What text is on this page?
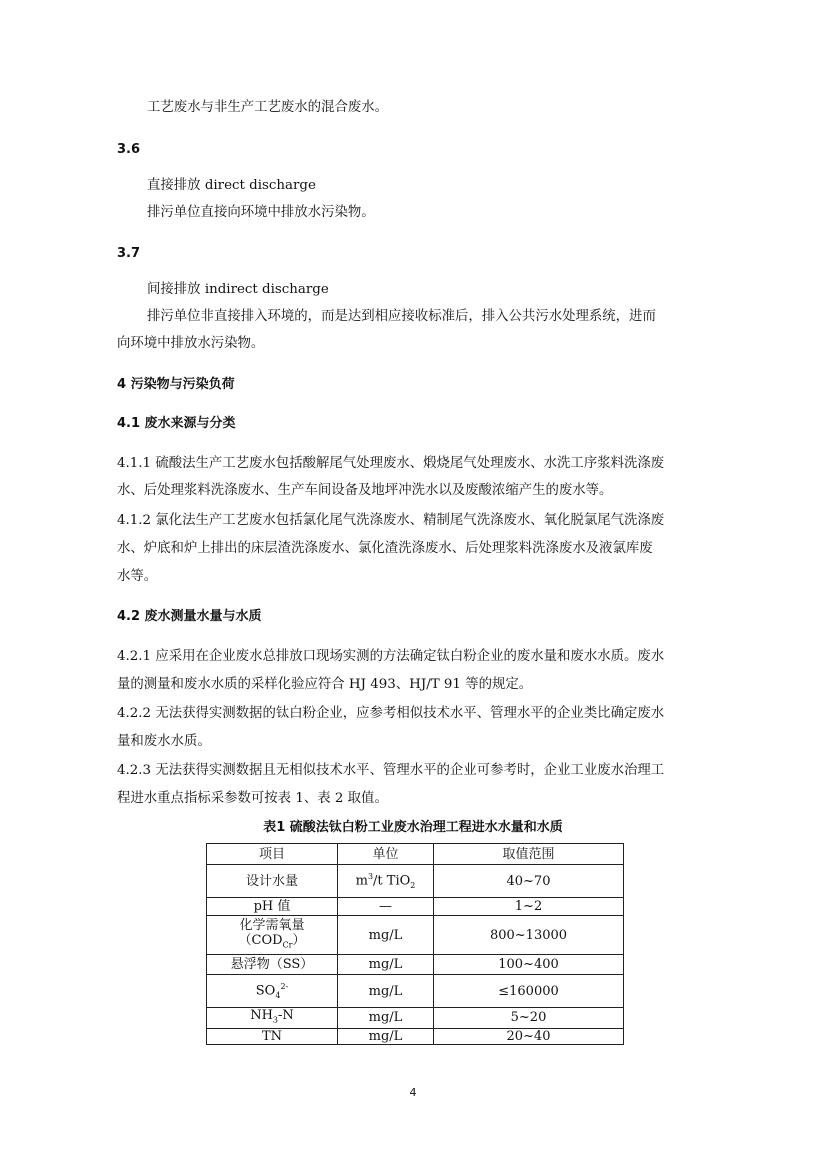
工艺废水与非生产工艺废水的混合废水。
3.6
直接排放 direct discharge
排污单位直接向环境中排放水污染物。
3.7
间接排放 indirect discharge
排污单位非直接排入环境的，而是达到相应接收标准后，排入公共污水处理系统，进而
向环境中排放水污染物。
4 污染物与污染负荷
4.1 废水来源与分类
4.1.1 硫酸法生产工艺废水包括酸解尾气处理废水、煅烧尾气处理废水、水洗工序浆料洗涤废
水、后处理浆料洗涤废水、生产车间设备及地坪冲洗水以及废酸浓缩产生的废水等。
4.1.2 氯化法生产工艺废水包括氯化尾气洗涤废水、精制尾气洗涤废水、氧化脱氯尾气洗涤废
水、炉底和炉上排出的床层渣洗涤废水、氯化渣洗涤废水、后处理浆料洗涤废水及液氯库废
水等。
4.2 废水测量水量与水质
4.2.1 应采用在企业废水总排放口现场实测的方法确定钛白粉企业的废水量和废水水质。废水
量的测量和废水水质的采样化验应符合 HJ 493、HJ/T 91 等的规定。
4.2.2 无法获得实测数据的钛白粉企业，应参考相似技术水平、管理水平的企业类比确定废水
量和废水水质。
4.2.3 无法获得实测数据且无相似技术水平、管理水平的企业可参考时，企业工业废水治理工
程进水重点指标采参数可按表 1、表 2 取值。
表1 硫酸法钛白粉工业废水治理工程进水水量和水质
项目	单位	取值范围
设计水量	$m^3/t$ TiO$_2$	40~70
pH 值	—	1~2

化学需氧量
$(COD_{Cr})$	mg/L	800~13000
悬浮物（SS）	mg/L	100~400
$SO_4^{2-}$	mg/L	≤160000
$NH_3-N$	mg/L	5~20
TN	mg/L	20~40
4
